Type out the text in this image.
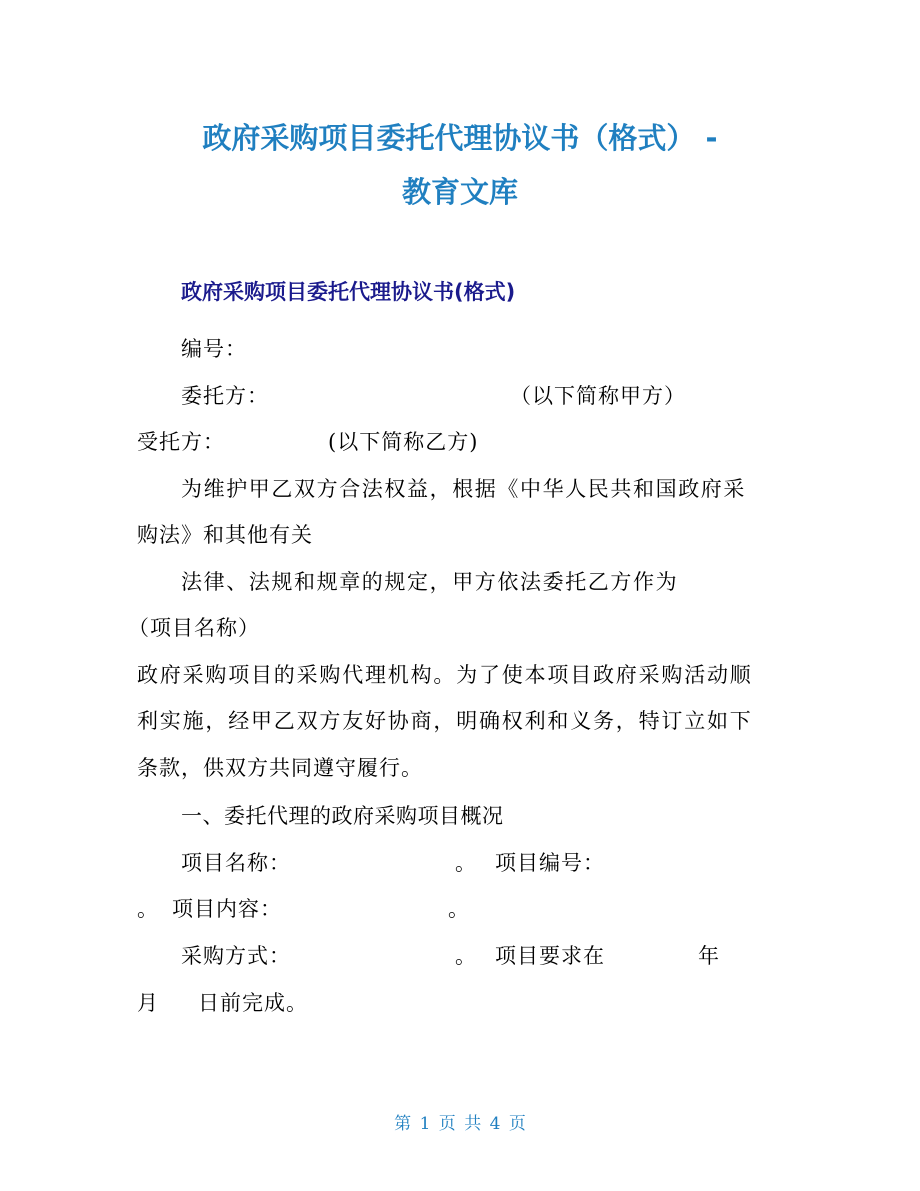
政府采购项目委托代理协议书（格式） -
教育文库
政府采购项目委托代理协议书(格式)
编号：
委托方：	（以下简称甲方）
受托方：	(以下简称乙方)
为维护甲乙双方合法权益，根据《中华人民共和国政府采
购法》和其他有关
法律、法规和规章的规定，甲方依法委托乙方作为
（项目名称）
政府采购项目的采购代理机构。为了使本项目政府采购活动顺
利实施，经甲乙双方友好协商，明确权利和义务，特订立如下
条款，供双方共同遵守履行。
一、委托代理的政府采购项目概况
项目名称：	。 项目编号：
。 项目内容：	。
采购方式：	。 项目要求在	年
月 日前完成。
第 1 页 共 4 页
